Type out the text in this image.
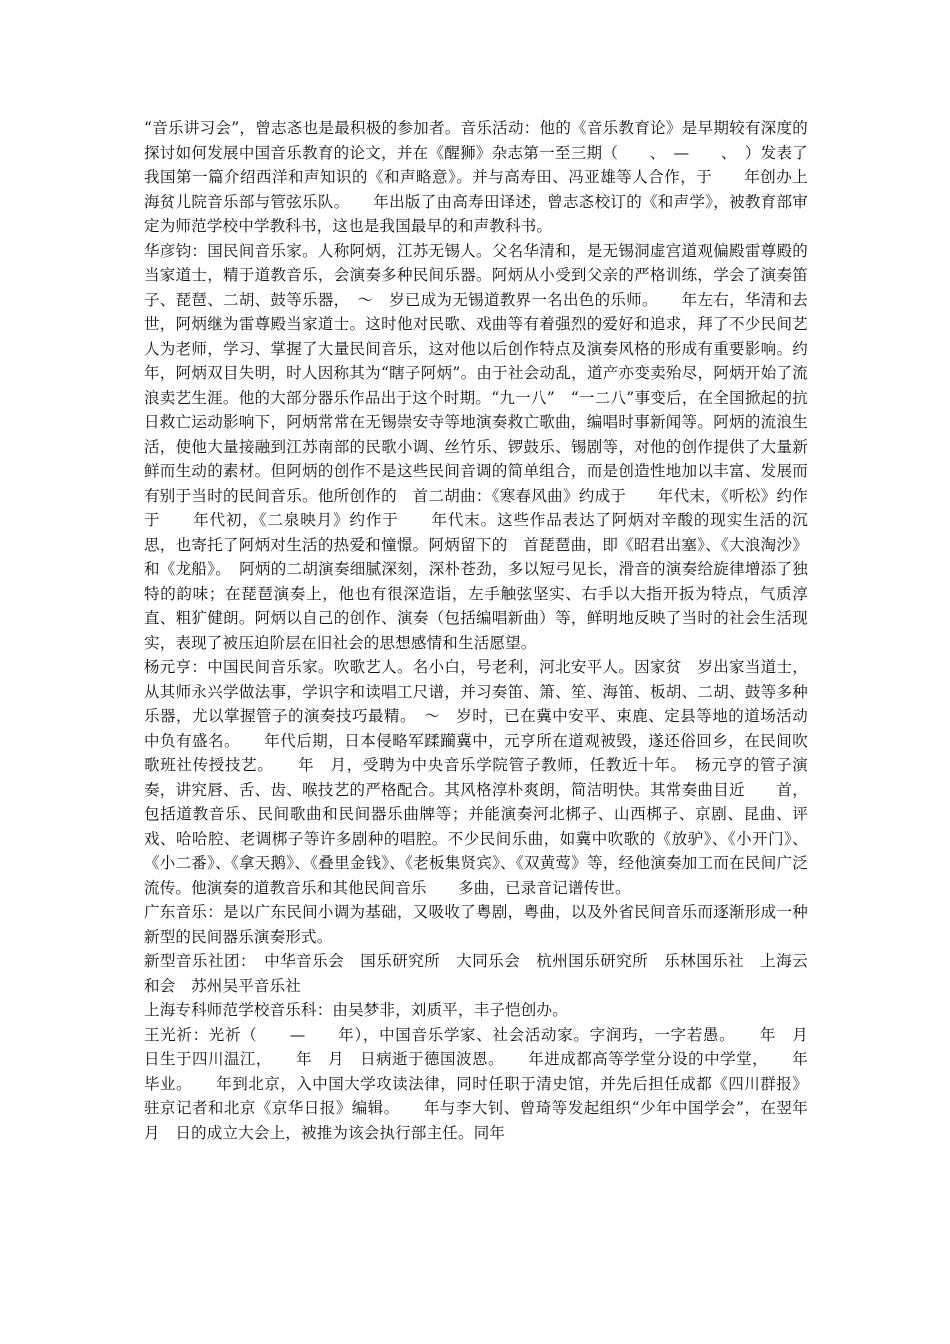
“音乐讲习会”，曾志忞也是最积极的参加者。音乐活动：他的《音乐教育论》是早期较有深度的探讨如何发展中国音乐教育的论文，并在《醒狮》杂志第一至三期（　　、　—　　、　）发表了我国第一篇介绍西洋和声知识的《和声略意》。并与高寿田、冯亚雄等人合作，于　　年创办上海贫儿院音乐部与管弦乐队。　　年出版了由高寿田译述，曾志忞校订的《和声学》，被教育部审定为师范学校中学教科书，这也是我国最早的和声教科书。

华彦钧：国民间音乐家。人称阿炳，江苏无锡人。父名华清和，是无锡洞虚宫道观偏殿雷尊殿的当家道士，精于道教音乐，会演奏多种民间乐器。阿炳从小受到父亲的严格训练，学会了演奏笛子、琵琶、二胡、鼓等乐器，　～　岁已成为无锡道教界一名出色的乐师。　　年左右，华清和去世，阿炳继为雷尊殿当家道士。这时他对民歌、戏曲等有着强烈的爱好和追求，拜了不少民间艺人为老师，学习、掌握了大量民间音乐，这对他以后创作特点及演奏风格的形成有重要影响。约　　年，阿炳双目失明，时人因称其为“瞎子阿炳”。由于社会动乱，道产亦变卖殆尽，阿炳开始了流浪卖艺生涯。他的大部分器乐作品出于这个时期。“九一八”　“一二八”事变后，在全国掀起的抗日救亡运动影响下，阿炳常常在无锡崇安寺等地演奏救亡歌曲，编唱时事新闻等。阿炳的流浪生活，使他大量接融到江苏南部的民歌小调、丝竹乐、锣鼓乐、锡剧等，对他的创作提供了大量新鲜而生动的素材。但阿炳的创作不是这些民间音调的简单组合，而是创造性地加以丰富、发展而有别于当时的民间音乐。他所创作的　首二胡曲：《寒春风曲》约成于　　年代末，《听松》约作于　　年代初，《二泉映月》约作于　　年代末。这些作品表达了阿炳对辛酸的现实生活的沉思，也寄托了阿炳对生活的热爱和憧憬。阿炳留下的　首琵琶曲，即《昭君出塞》、《大浪淘沙》和《龙船》。　阿炳的二胡演奏细腻深刻，深朴苍劲，多以短弓见长，滑音的演奏给旋律增添了独特的韵味；在琵琶演奏上，他也有很深造诣，左手触弦坚实、右手以大指开扳为特点，气质淳直、粗犷健朗。阿炳以自己的创作、演奏（包括编唱新曲）等，鲜明地反映了当时的社会生活现实，表现了被压迫阶层在旧社会的思想感情和生活愿望。

杨元亨：中国民间音乐家。吹歌艺人。名小白，号老利，河北安平人。因家贫　岁出家当道士，从其师永兴学做法事，学识字和读唱工尺谱，并习奏笛、箫、笙、海笛、板胡、二胡、鼓等多种乐器，尤以掌握管子的演奏技巧最精。　～　岁时，已在冀中安平、束鹿、定县等地的道场活动中负有盛名。　　年代后期，日本侵略军蹂躏冀中，元亨所在道观被毁，遂还俗回乡，在民间吹歌班社传授技艺。　　年　月，受聘为中央音乐学院管子教师，任教近十年。　杨元亨的管子演奏，讲究唇、舌、齿、喉技艺的严格配合。其风格淳朴爽朗，简洁明快。其常奏曲目近　　首，包括道教音乐、民间歌曲和民间器乐曲牌等；并能演奏河北梆子、山西梆子、京剧、昆曲、评戏、哈哈腔、老调梆子等许多剧种的唱腔。不少民间乐曲，如冀中吹歌的《放驴》、《小开门》、《小二番》、《拿天鹅》、《叠里金钱》、《老板集贤宾》、《双黄莺》等，经他演奏加工而在民间广泛流传。他演奏的道教音乐和其他民间音乐　　多曲，已录音记谱传世。

广东音乐：是以广东民间小调为基础，又吸收了粤剧，粤曲，以及外省民间音乐而逐渐形成一种新型的民间器乐演奏形式。

新型音乐社团：　中华音乐会　国乐研究所　大同乐会　杭州国乐研究所　乐林国乐社　上海云和会　苏州吴平音乐社

上海专科师范学校音乐科：由吴梦非，刘质平，丰子恺创办。

王光祈：光祈（　　—　　年），中国音乐学家、社会活动家。字润玙，一字若愚。　　年　月　日生于四川温江，　　年　月　日病逝于德国波恩。　　年进成都高等学堂分设的中学堂，　　年毕业。　　年到北京，入中国大学攻读法律，同时任职于清史馆，并先后担任成都《四川群报》驻京记者和北京《京华日报》编辑。　　年与李大钊、曾琦等发起组织“少年中国学会”，在翌年　月　日的成立大会上，被推为该会执行部主任。同年
